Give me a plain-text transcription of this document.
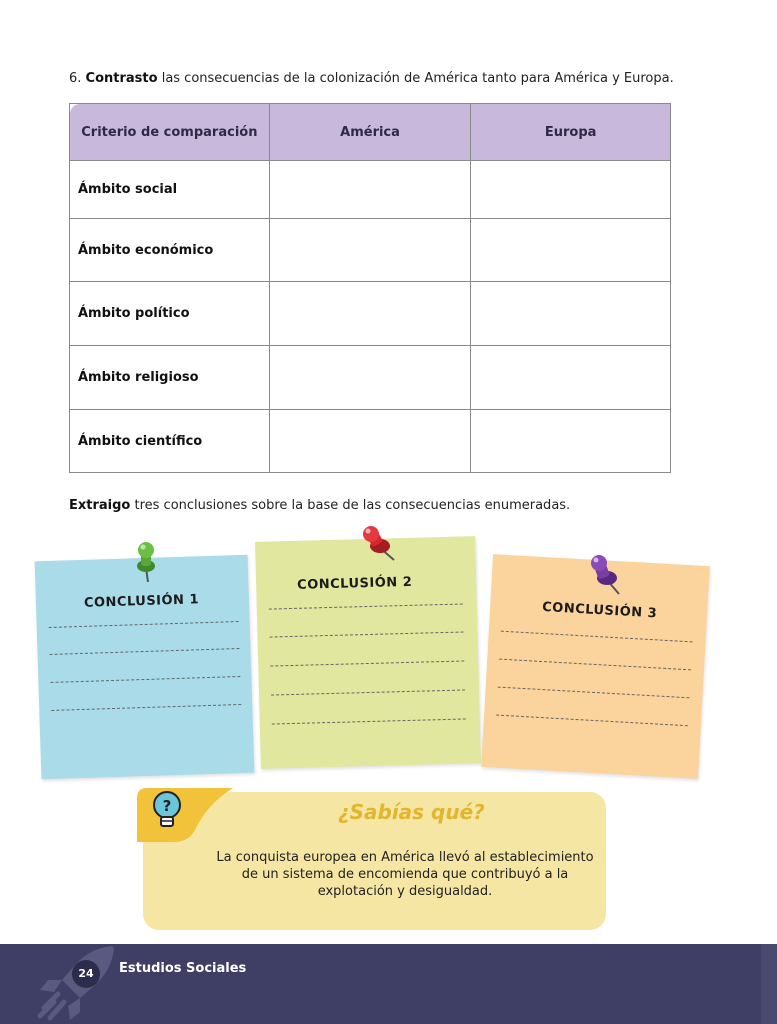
6. Contrasto las consecuencias de la colonización de América tanto para América y Europa.

Criterio de comparación	América	Europa
Ámbito social		
Ámbito económico		
Ámbito político		
Ámbito religioso		
Ámbito científico		

Extraigo tres conclusiones sobre la base de las consecuencias enumeradas.

CONCLUSIÓN 1
CONCLUSIÓN 2
CONCLUSIÓN 3
?	¿Sabías qué?
La conquista europea en América llevó al establecimiento
de un sistema de encomienda que contribuyó a la
explotación y desigualdad.
24	Estudios Sociales
